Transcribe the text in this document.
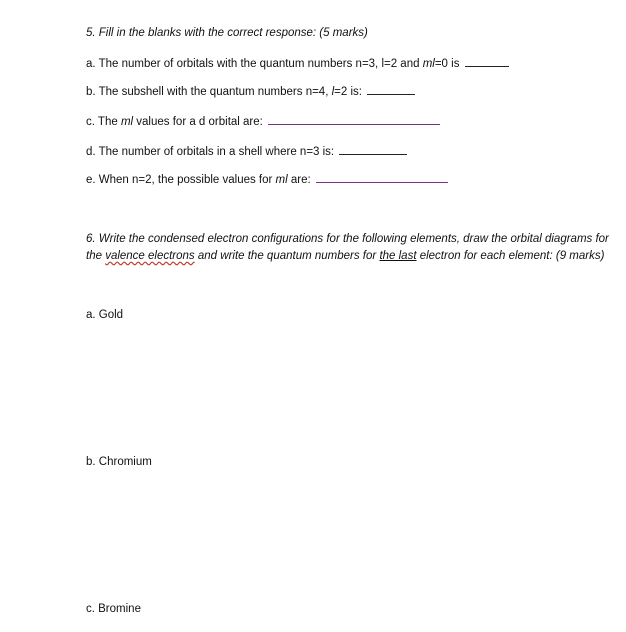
5. Fill in the blanks with the correct response: (5 marks)
a. The number of orbitals with the quantum numbers n=3, l=2 and ml=0 is
b. The subshell with the quantum numbers n=4, l=2 is:
c. The ml values for a d orbital are:
d. The number of orbitals in a shell where n=3 is:
e. When n=2, the possible values for ml are:
6. Write the condensed electron configurations for the following elements, draw the orbital diagrams for
the valence electrons and write the quantum numbers for the last electron for each element: (9 marks)
a. Gold
b. Chromium
c. Bromine
